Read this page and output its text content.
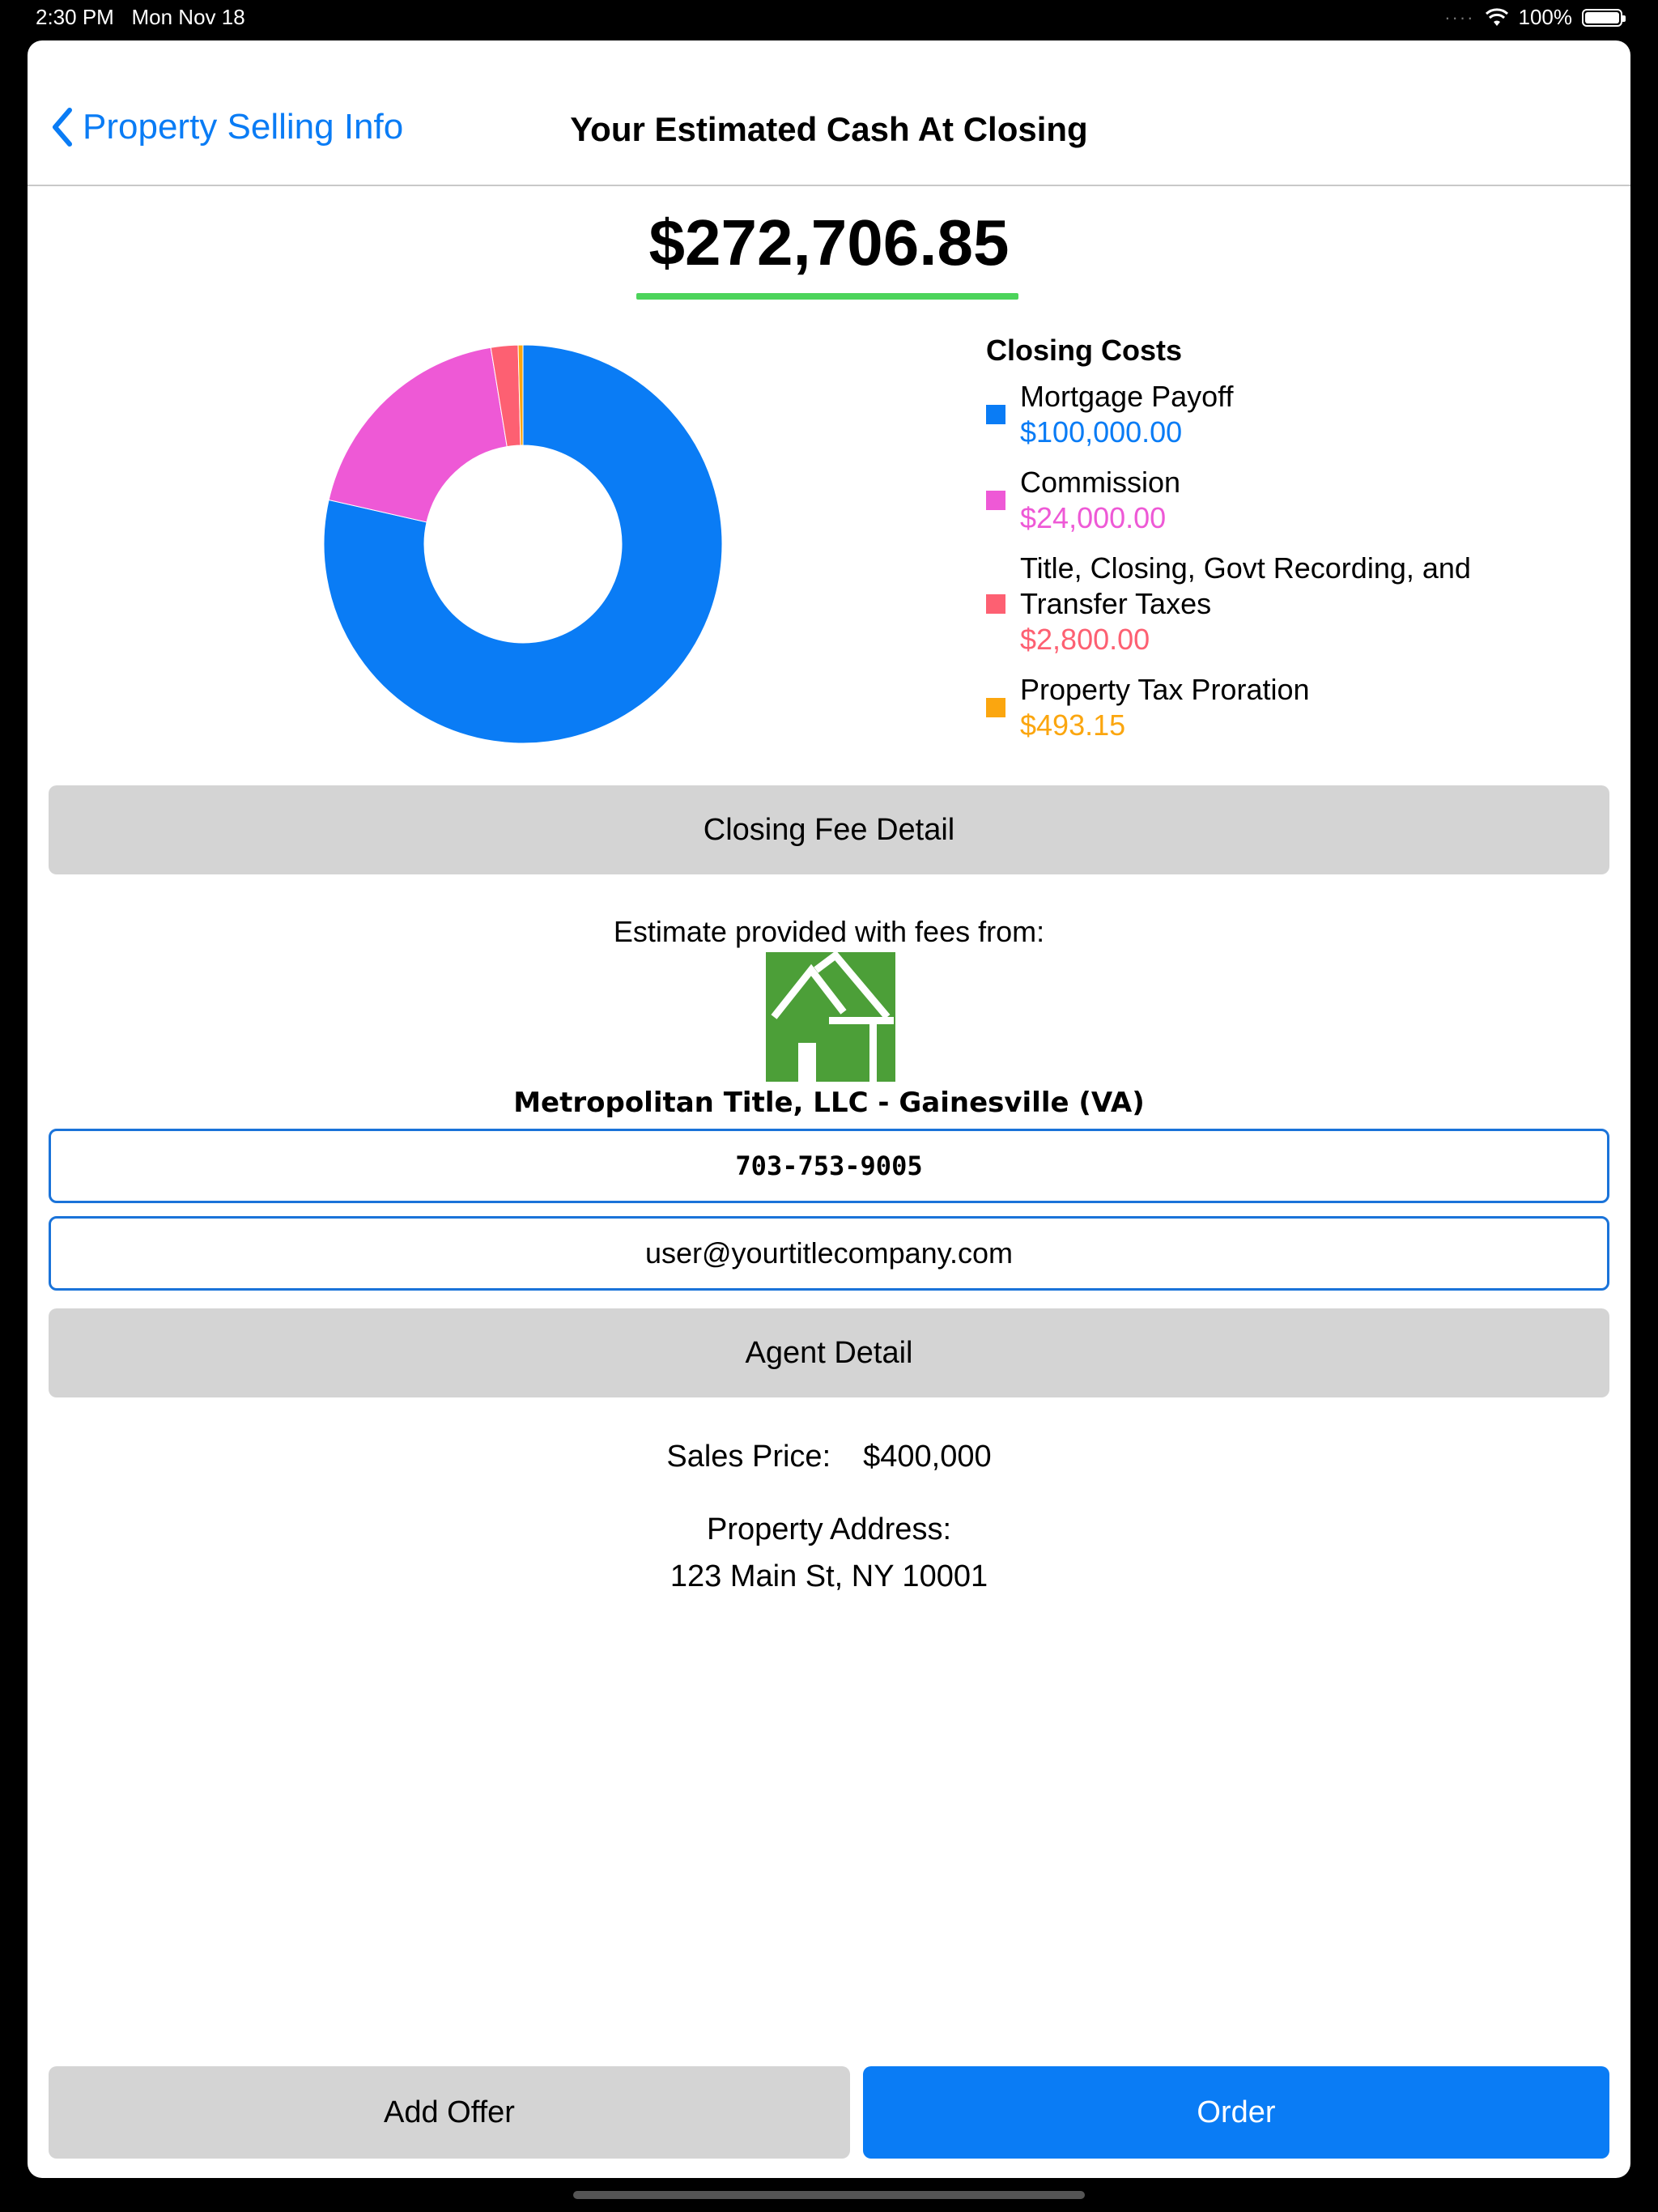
2:30 PM Mon Nov 18	···· 100%
Property Selling Info	Your Estimated Cash At Closing
$272,706.85
Closing Costs
Mortgage Payoff
$100,000.00
Commission
$24,000.00
Title, Closing, Govt Recording, and Transfer Taxes
$2,800.00
Property Tax Proration
$493.15
Closing Fee Detail
Estimate provided with fees from:
Metropolitan Title, LLC - Gainesville (VA)
703-753-9005
user@yourtitlecompany.com
Agent Detail
Sales Price: $400,000
Property Address:
123 Main St, NY 10001
Add Offer	Order
